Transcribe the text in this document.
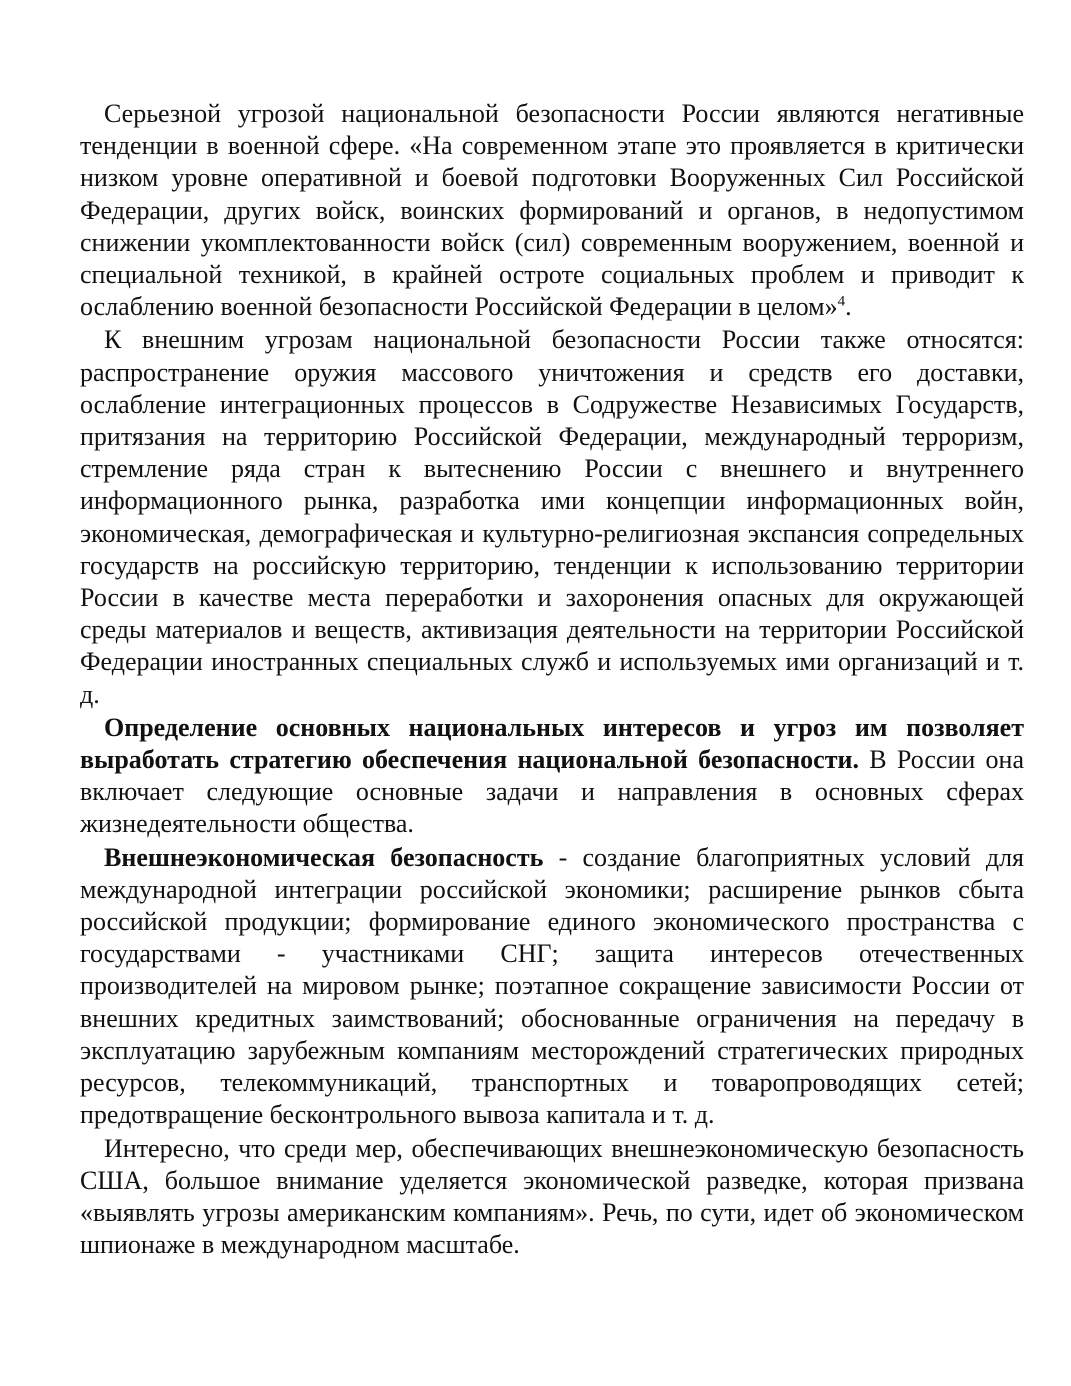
Серьезной угрозой национальной безопасности России являются негативные тенденции в военной сфере. «На современном этапе это проявляется в критически низком уровне оперативной и боевой подготовки Вооруженных Сил Российской Федерации, других войск, воинских формирований и органов, в недопустимом снижении укомплектованности войск (сил) современным вооружением, военной и специальной техникой, в крайней остроте социальных проблем и приводит к ослаблению военной безопасности Российской Федерации в целом»$^4$.

К внешним угрозам национальной безопасности России также относятся: распространение оружия массового уничтожения и средств его доставки, ослабление интеграционных процессов в Содружестве Независимых Государств, притязания на территорию Российской Федерации, международный терроризм, стремление ряда стран к вытеснению России с внешнего и внутреннего информационного рынка, разработка ими концепции информационных войн, экономическая, демографическая и культурно-религиозная экспансия сопредельных государств на российскую территорию, тенденции к использованию территории России в качестве места переработки и захоронения опасных для окружающей среды материалов и веществ, активизация деятельности на территории Российской Федерации иностранных специальных служб и используемых ими организаций и т. д.

Определение основных национальных интересов и угроз им позволяет выработать стратегию обеспечения национальной безопасности. В России она включает следующие основные задачи и направления в основных сферах жизнедеятельности общества.

Внешнеэкономическая безопасность - создание благоприятных условий для международной интеграции российской экономики; расширение рынков сбыта российской продукции; формирование единого экономического пространства с государствами - участниками СНГ; защита интересов отечественных производителей на мировом рынке; поэтапное сокращение зависимости России от внешних кредитных заимствований; обоснованные ограничения на передачу в эксплуатацию зарубежным компаниям месторождений стратегических природных ресурсов, телекоммуникаций, транспортных и товаропроводящих сетей; предотвращение бесконтрольного вывоза капитала и т. д.

Интересно, что среди мер, обеспечивающих внешнеэкономическую безопасность США, большое внимание уделяется экономической разведке, которая призвана «выявлять угрозы американским компаниям». Речь, по сути, идет об экономическом шпионаже в международном масштабе.
